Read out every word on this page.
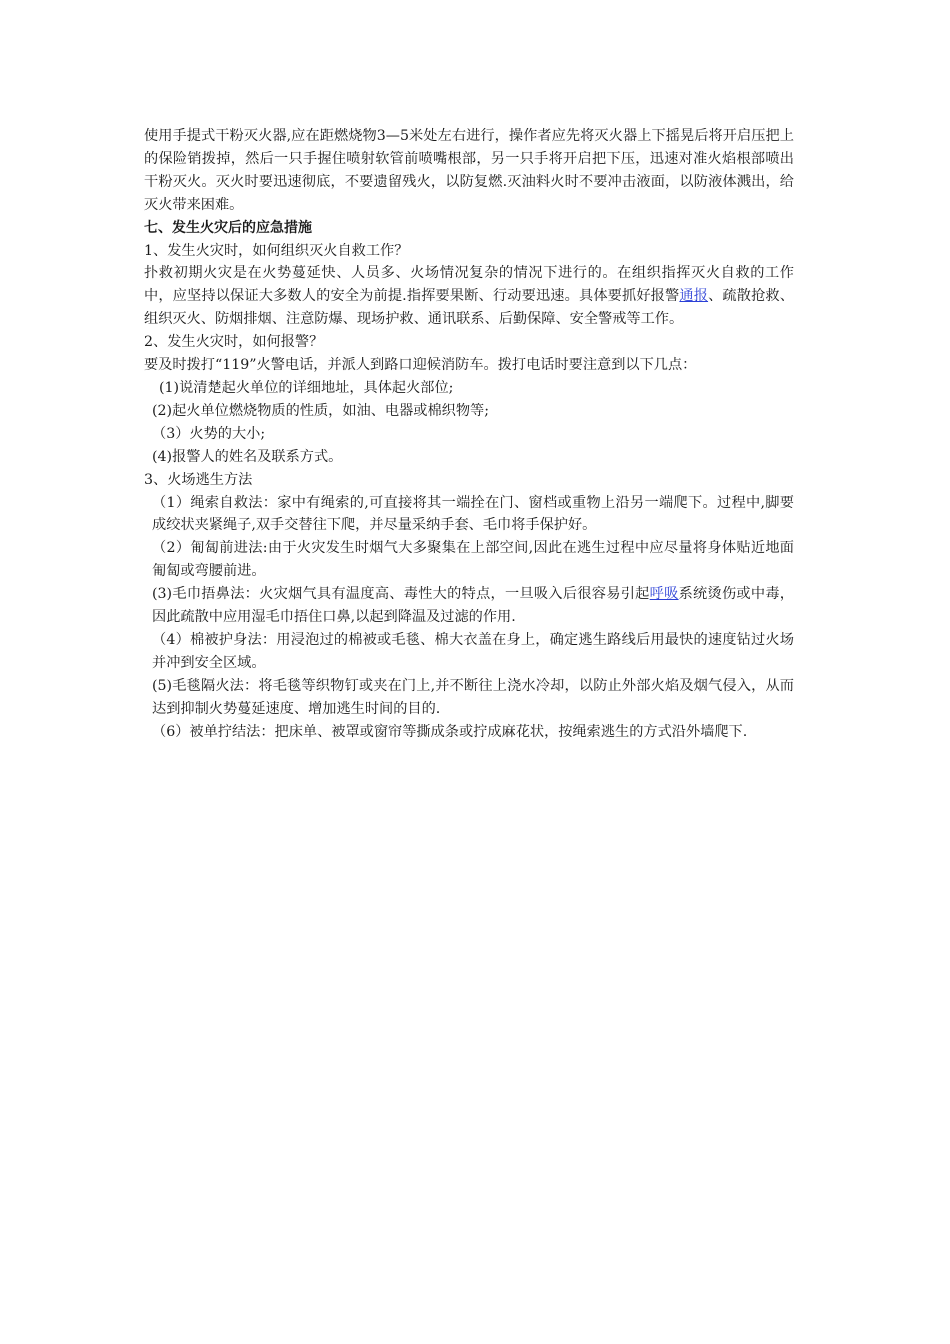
使用手提式干粉灭火器,应在距燃烧物3—5米处左右进行，操作者应先将灭火器上下摇晃后将开启压把上的保险销拨掉，然后一只手握住喷射软管前喷嘴根部，另一只手将开启把下压，迅速对准火焰根部喷出干粉灭火。灭火时要迅速彻底，不要遗留残火，以防复燃.灭油料火时不要冲击液面，以防液体溅出，给灭火带来困难。

七、发生火灾后的应急措施

1、发生火灾时，如何组织灭火自救工作？

扑救初期火灾是在火势蔓延快、人员多、火场情况复杂的情况下进行的。在组织指挥灭火自救的工作中，应坚持以保证大多数人的安全为前提.指挥要果断、行动要迅速。具体要抓好报警通报、疏散抢救、组织灭火、防烟排烟、注意防爆、现场护救、通讯联系、后勤保障、安全警戒等工作。

2、发生火灾时，如何报警？

要及时拨打“119”火警电话，并派人到路口迎候消防车。拨打电话时要注意到以下几点：

(1)说清楚起火单位的详细地址，具体起火部位;

(2)起火单位燃烧物质的性质，如油、电器或棉织物等;

（3）火势的大小;

(4)报警人的姓名及联系方式。

3、火场逃生方法

（1）绳索自救法：家中有绳索的,可直接将其一端拴在门、窗档或重物上沿另一端爬下。过程中,脚要成绞状夹紧绳子,双手交替往下爬，并尽量采纳手套、毛巾将手保护好。

（2）匍匐前进法:由于火灾发生时烟气大多聚集在上部空间,因此在逃生过程中应尽量将身体贴近地面匍匐或弯腰前进。

(3)毛巾捂鼻法：火灾烟气具有温度高、毒性大的特点，一旦吸入后很容易引起呼吸系统烫伤或中毒，因此疏散中应用湿毛巾捂住口鼻,以起到降温及过滤的作用.

（4）棉被护身法：用浸泡过的棉被或毛毯、棉大衣盖在身上，确定逃生路线后用最快的速度钻过火场并冲到安全区域。

(5)毛毯隔火法：将毛毯等织物钉或夹在门上,并不断往上浇水冷却，以防止外部火焰及烟气侵入，从而达到抑制火势蔓延速度、增加逃生时间的目的.

（6）被单拧结法：把床单、被罩或窗帘等撕成条或拧成麻花状，按绳索逃生的方式沿外墙爬下.
